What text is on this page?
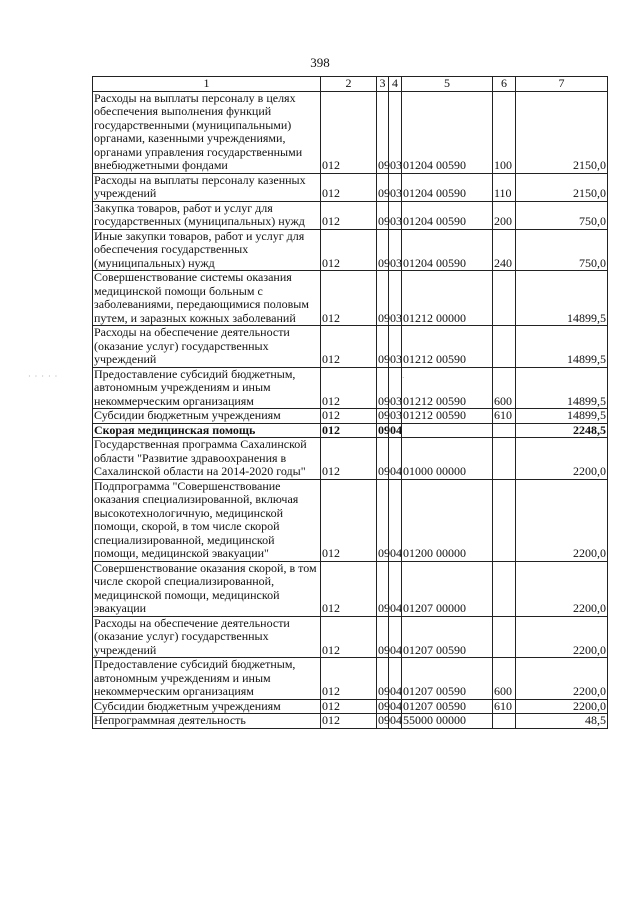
398
· · · · ·	·
1	2	3	4	5	6	7
Расходы на выплаты персоналу в целях обеспечения выполнения функций государственными (муниципальными) органами, казенными учреждениями, органами управления государственными внебюджетными фондами	012	09	03	01204 00590	100	2150,0
Расходы на выплаты персоналу казенных учреждений	012	09	03	01204 00590	110	2150,0
Закупка товаров, работ и услуг для государственных (муниципальных) нужд	012	09	03	01204 00590	200	750,0
Иные закупки товаров, работ и услуг для обеспечения государственных (муниципальных) нужд	012	09	03	01204 00590	240	750,0
Совершенствование системы оказания медицинской помощи больным с заболеваниями, передающимися половым путем, и заразных кожных заболеваний	012	09	03	01212 00000		14899,5
Расходы на обеспечение деятельности (оказание услуг) государственных учреждений	012	09	03	01212 00590		14899,5
Предоставление субсидий бюджетным, автономным учреждениям и иным некоммерческим организациям	012	09	03	01212 00590	600	14899,5
Субсидии бюджетным учреждениям	012	09	03	01212 00590	610	14899,5
Скорая медицинская помощь	012	09	04			2248,5
Государственная программа Сахалинской области "Развитие здравоохранения в Сахалинской области на 2014-2020 годы"	012	09	04	01000 00000		2200,0
Подпрограмма "Совершенствование оказания специализированной, включая высокотехнологичную, медицинской помощи, скорой, в том числе скорой специализированной, медицинской помощи, медицинской эвакуации"	012	09	04	01200 00000		2200,0
Совершенствование оказания скорой, в том числе скорой специализированной, медицинской помощи, медицинской эвакуации	012	09	04	01207 00000		2200,0
Расходы на обеспечение деятельности (оказание услуг) государственных учреждений	012	09	04	01207 00590		2200,0
Предоставление субсидий бюджетным, автономным учреждениям и иным некоммерческим организациям	012	09	04	01207 00590	600	2200,0
Субсидии бюджетным учреждениям	012	09	04	01207 00590	610	2200,0
Непрограммная деятельность	012	09	04	55000 00000		48,5
